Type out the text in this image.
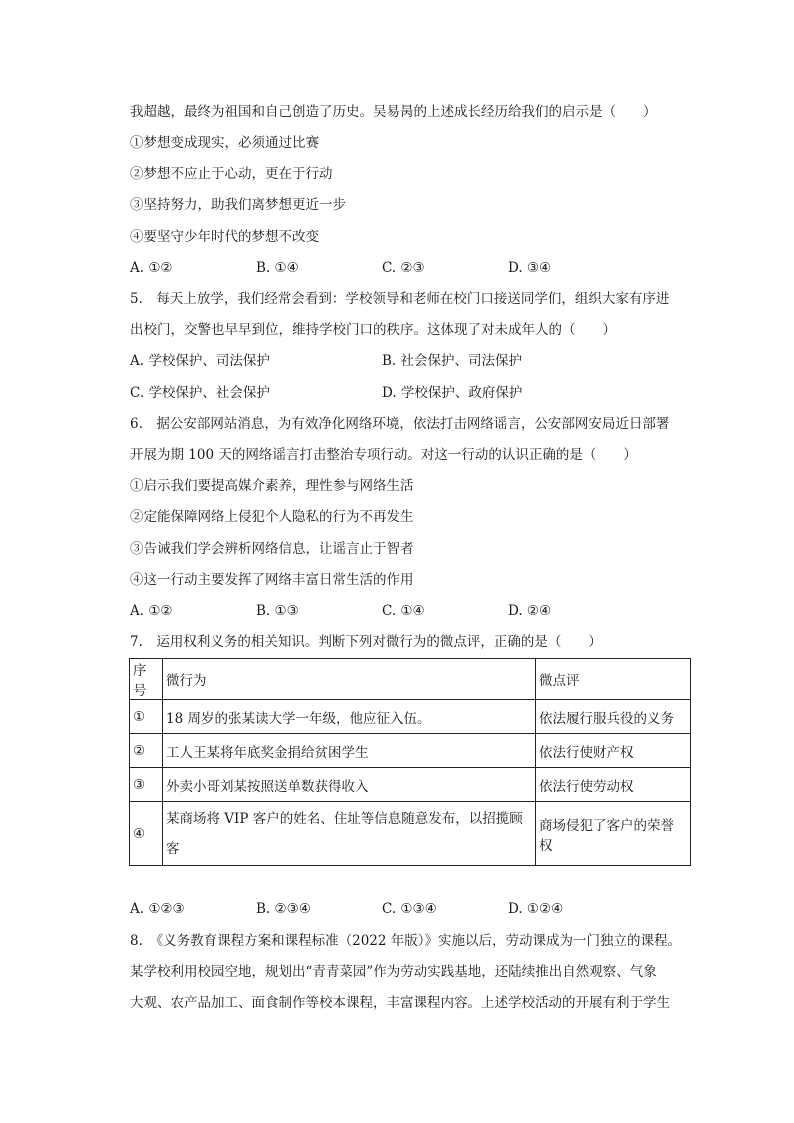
我超越，最终为祖国和自己创造了历史。吴易昺的上述成长经历给我们的启示是（　　）
①梦想变成现实，必须通过比赛
②梦想不应止于心动，更在于行动
③坚持努力，助我们离梦想更近一步
④要坚守少年时代的梦想不改变
A. ①②	B. ①④	C. ②③	D. ③④
5.　每天上放学，我们经常会看到：学校领导和老师在校门口接送同学们，组织大家有序进
出校门，交警也早早到位，维持学校门口的秩序。这体现了对未成年人的（　　）
A. 学校保护、司法保护	B. 社会保护、司法保护
C. 学校保护、社会保护	D. 学校保护、政府保护
6.　据公安部网站消息，为有效净化网络环境，依法打击网络谣言，公安部网安局近日部署
开展为期 100 天的网络谣言打击整治专项行动。对这一行动的认识正确的是（　　）
①启示我们要提高媒介素养，理性参与网络生活
②定能保障网络上侵犯个人隐私的行为不再发生
③告诫我们学会辨析网络信息，让谣言止于智者
④这一行动主要发挥了网络丰富日常生活的作用
A. ①②	B. ①③	C. ①④	D. ②④
7.　运用权利义务的相关知识。判断下列对微行为的微点评，正确的是（　　）
序号	微行为	微点评
①	18 周岁的张某读大学一年级，他应征入伍。	依法履行服兵役的义务
②	工人王某将年底奖金捐给贫困学生	依法行使财产权
③	外卖小哥刘某按照送单数获得收入	依法行使劳动权
④	某商场将 VIP 客户的姓名、住址等信息随意发布，以招揽顾客	商场侵犯了客户的荣誉权
A. ①②③	B. ②③④	C. ①③④	D. ①②④
8.　《义务教育课程方案和课程标准（2022 年版）》实施以后，劳动课成为一门独立的课程。
某学校利用校园空地，规划出“青青菜园”作为劳动实践基地，还陆续推出自然观察、气象
大观、农产品加工、面食制作等校本课程，丰富课程内容。上述学校活动的开展有利于学生
